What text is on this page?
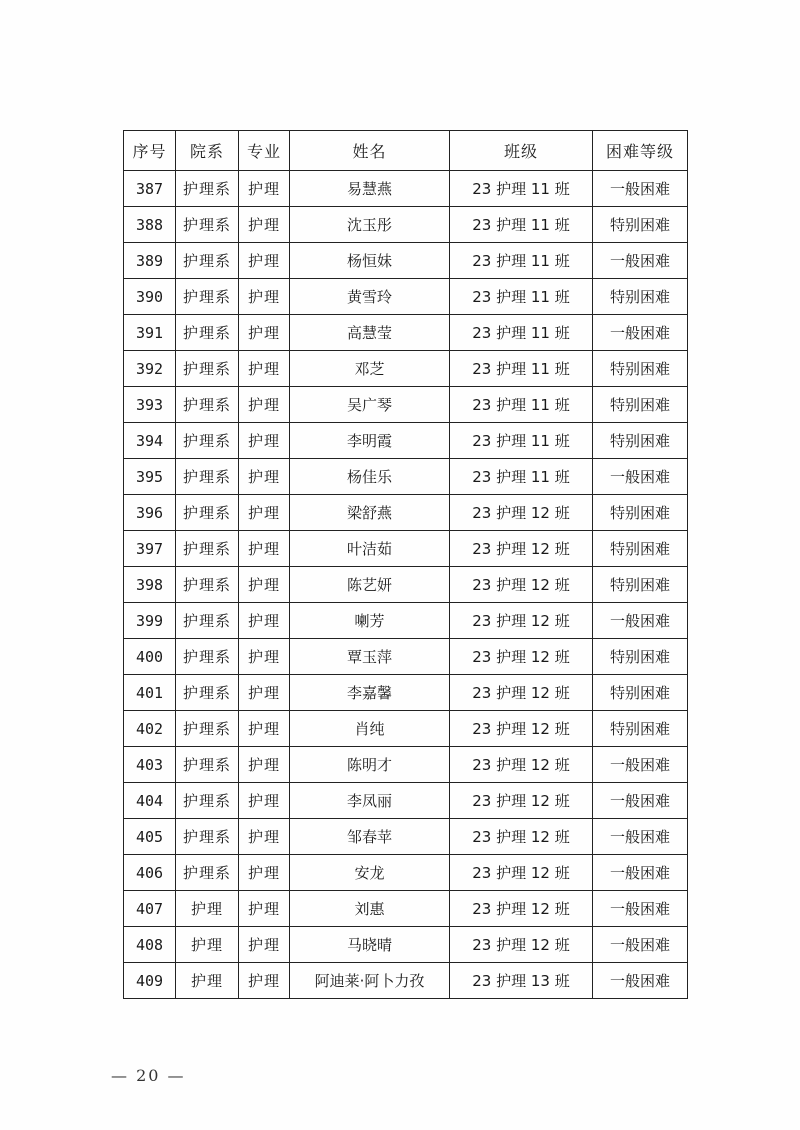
序号	院系	专业	姓名	班级	困难等级
387	护理系	护理	易慧燕	23 护理 11 班	一般困难
388	护理系	护理	沈玉彤	23 护理 11 班	特别困难
389	护理系	护理	杨恒妹	23 护理 11 班	一般困难
390	护理系	护理	黄雪玲	23 护理 11 班	特别困难
391	护理系	护理	高慧莹	23 护理 11 班	一般困难
392	护理系	护理	邓芝	23 护理 11 班	特别困难
393	护理系	护理	吴广琴	23 护理 11 班	特别困难
394	护理系	护理	李明霞	23 护理 11 班	特别困难
395	护理系	护理	杨佳乐	23 护理 11 班	一般困难
396	护理系	护理	梁舒燕	23 护理 12 班	特别困难
397	护理系	护理	叶洁茹	23 护理 12 班	特别困难
398	护理系	护理	陈艺妍	23 护理 12 班	特别困难
399	护理系	护理	喇芳	23 护理 12 班	一般困难
400	护理系	护理	覃玉萍	23 护理 12 班	特别困难
401	护理系	护理	李嘉馨	23 护理 12 班	特别困难
402	护理系	护理	肖纯	23 护理 12 班	特别困难
403	护理系	护理	陈明才	23 护理 12 班	一般困难
404	护理系	护理	李凤丽	23 护理 12 班	一般困难
405	护理系	护理	邹春苹	23 护理 12 班	一般困难
406	护理系	护理	安龙	23 护理 12 班	一般困难
407	护理	护理	刘惠	23 护理 12 班	一般困难
408	护理	护理	马晓晴	23 护理 12 班	一般困难
409	护理	护理	阿迪莱·阿卜力孜	23 护理 13 班	一般困难
— 20 —
